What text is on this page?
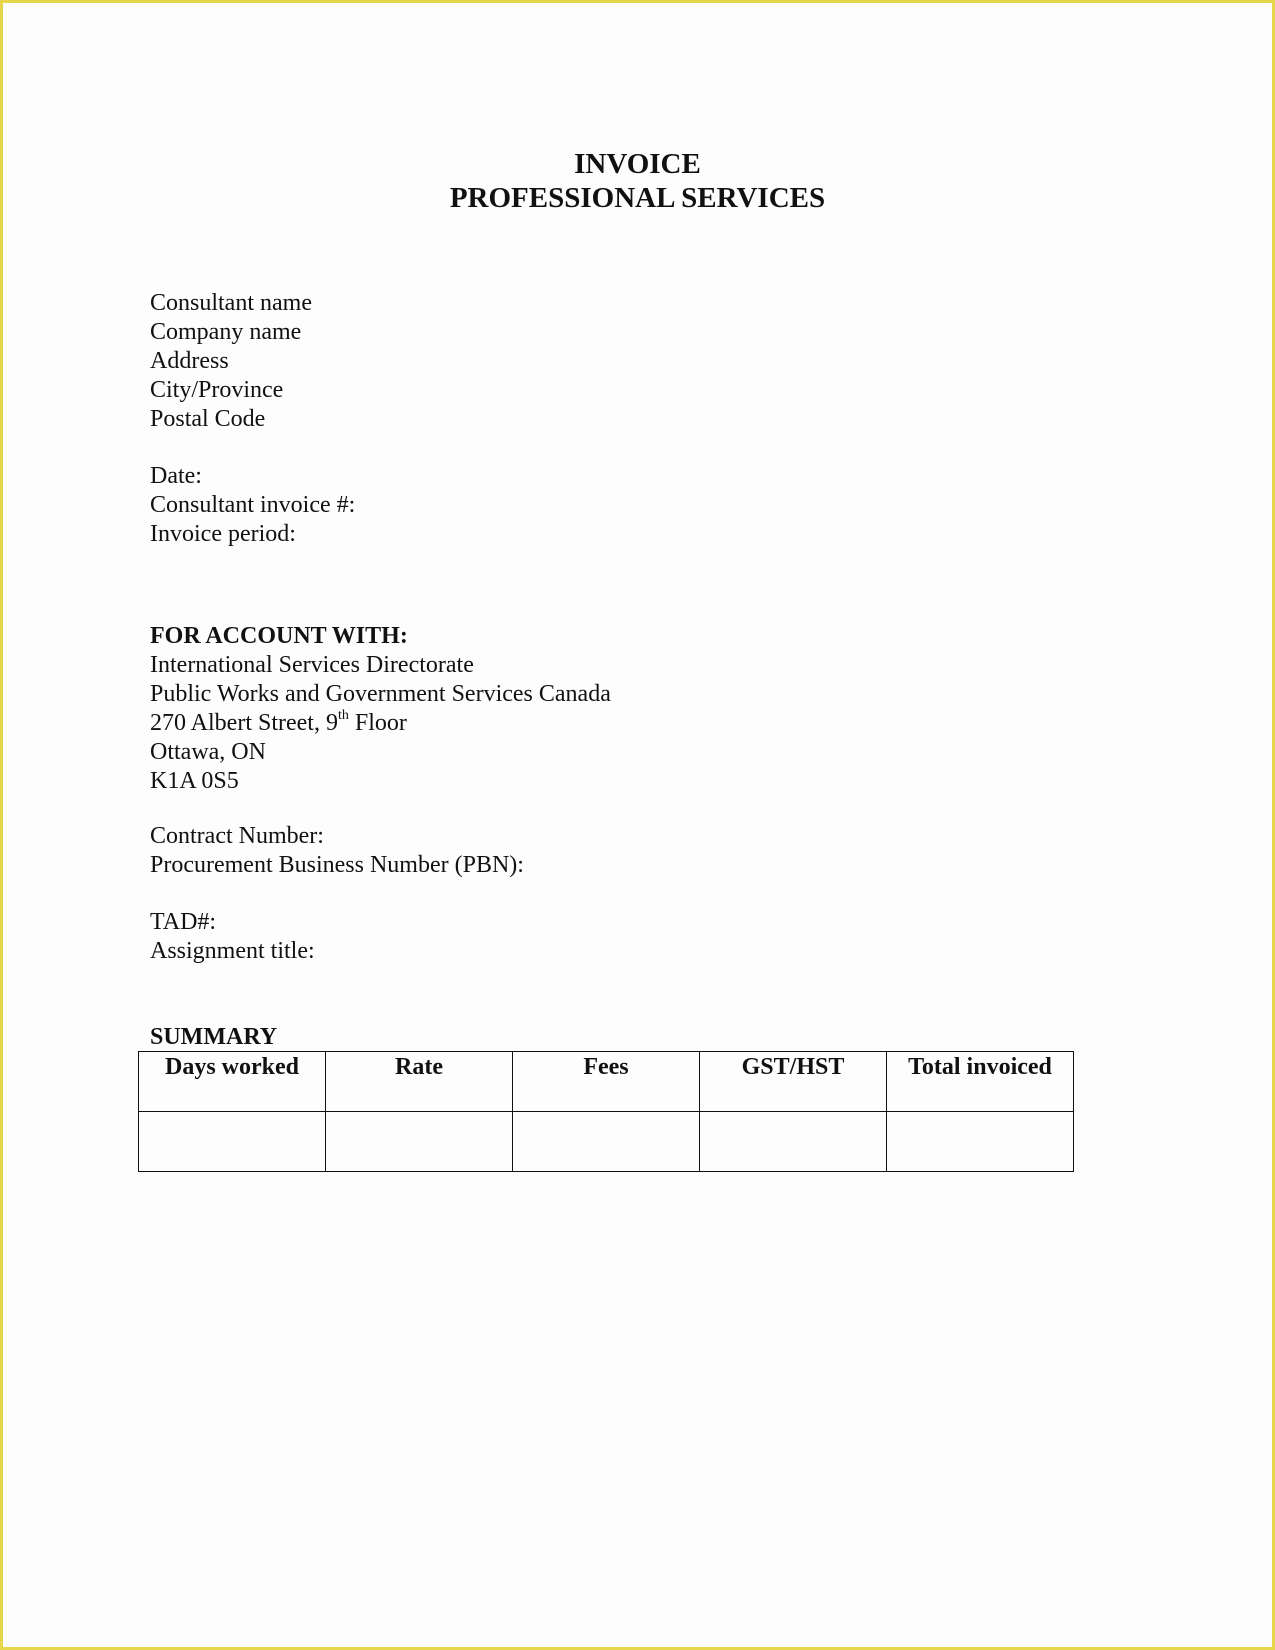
INVOICE
PROFESSIONAL SERVICES
Consultant name
Company name
Address
City/Province
Postal Code
Date:
Consultant invoice #:
Invoice period:
FOR ACCOUNT WITH:
International Services Directorate
Public Works and Government Services Canada
270 Albert Street, 9th Floor
Ottawa, ON
K1A 0S5
Contract Number:
Procurement Business Number (PBN):
TAD#:
Assignment title:
SUMMARY
Days worked	Rate	Fees	GST/HST	Total invoiced
